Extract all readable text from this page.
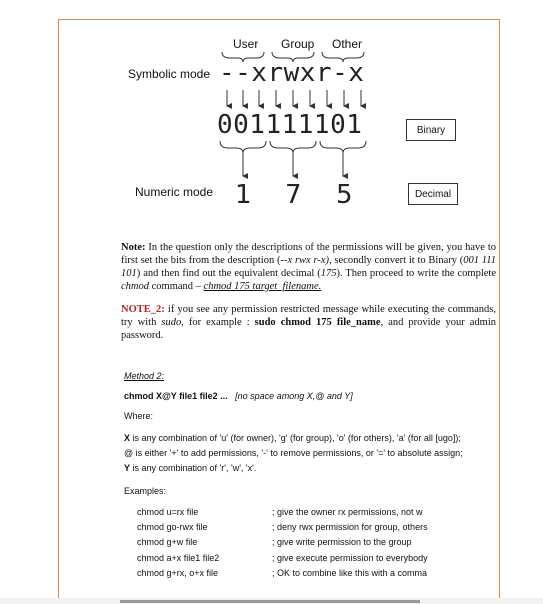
User Group Other
Symbolic mode --xrwxr-x
001111101	Binary
Numeric mode 1 7 5	Decimal
Note: In the question only the descriptions of the permissions will be given, you have to first set the bits from the description (--x rwx r-x), secondly convert it to Binary (001 111 101) and then find out the equivalent decimal (175). Then proceed to write the complete chmod command – chmod 175 target_filename.
NOTE_2: if you see any permission restricted message while executing the commands, try with sudo, for example : sudo chmod 175 file_name, and provide your admin password.
Method 2:
chmod X@Y file1 file2 ... [no space among X,@ and Y]
Where:
X is any combination of 'u' (for owner), 'g' (for group), 'o' (for others), 'a' (for all [ugo]);
@ is either '+' to add permissions, '-' to remove permissions, or '=' to absolute assign;
Y is any combination of 'r', 'w', 'x'.
Examples:
chmod u=rx file	; give the owner rx permissions, not w
chmod go-rwx file	; deny rwx permission for group, others
chmod g+w file	; give write permission to the group
chmod a+x file1 file2	; give execute permission to everybody
chmod g+rx, o+x file	; OK to combine like this with a comma
